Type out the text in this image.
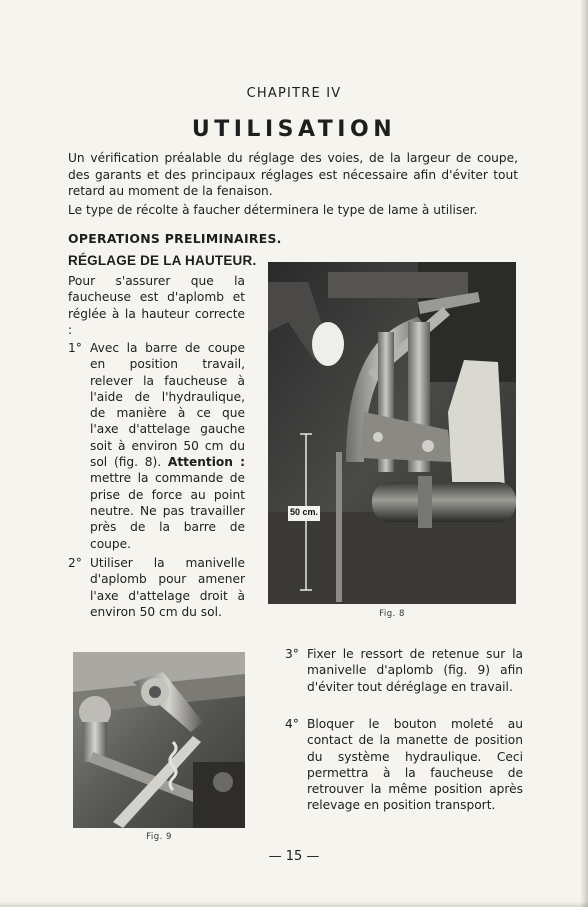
CHAPITRE IV
UTILISATION

Un vérification préalable du réglage des voies, de la largeur de coupe, des garants et des principaux réglages est nécessaire afin d'éviter tout retard au moment de la fenaison.

Le type de récolte à faucher déterminera le type de lame à utiliser.

OPERATIONS PRELIMINAIRES.
RÉGLAGE DE LA HAUTEUR.
Pour s'assurer que la faucheuse est d'aplomb et réglée à la hauteur correcte :
1° Avec la barre de coupe en position travail, relever la faucheuse à l'aide de l'hydraulique, de manière à ce que l'axe d'attelage gauche soit à environ 50 cm du sol (fig. 8). Attention : mettre la commande de prise de force au point neutre. Ne pas travailler près de la barre de coupe.
2° Utiliser la manivelle d'aplomb pour amener l'axe d'attelage droit à environ 50 cm du sol.
3° Fixer le ressort de retenue sur la manivelle d'aplomb (fig. 9) afin d'éviter tout déréglage en travail.
4° Bloquer le bouton moleté au contact de la manette de position du système hydraulique. Ceci permettra à la faucheuse de retrouver la même position après relevage en position transport.
50 cm.
Fig. 8
Fig. 9
— 15 —
